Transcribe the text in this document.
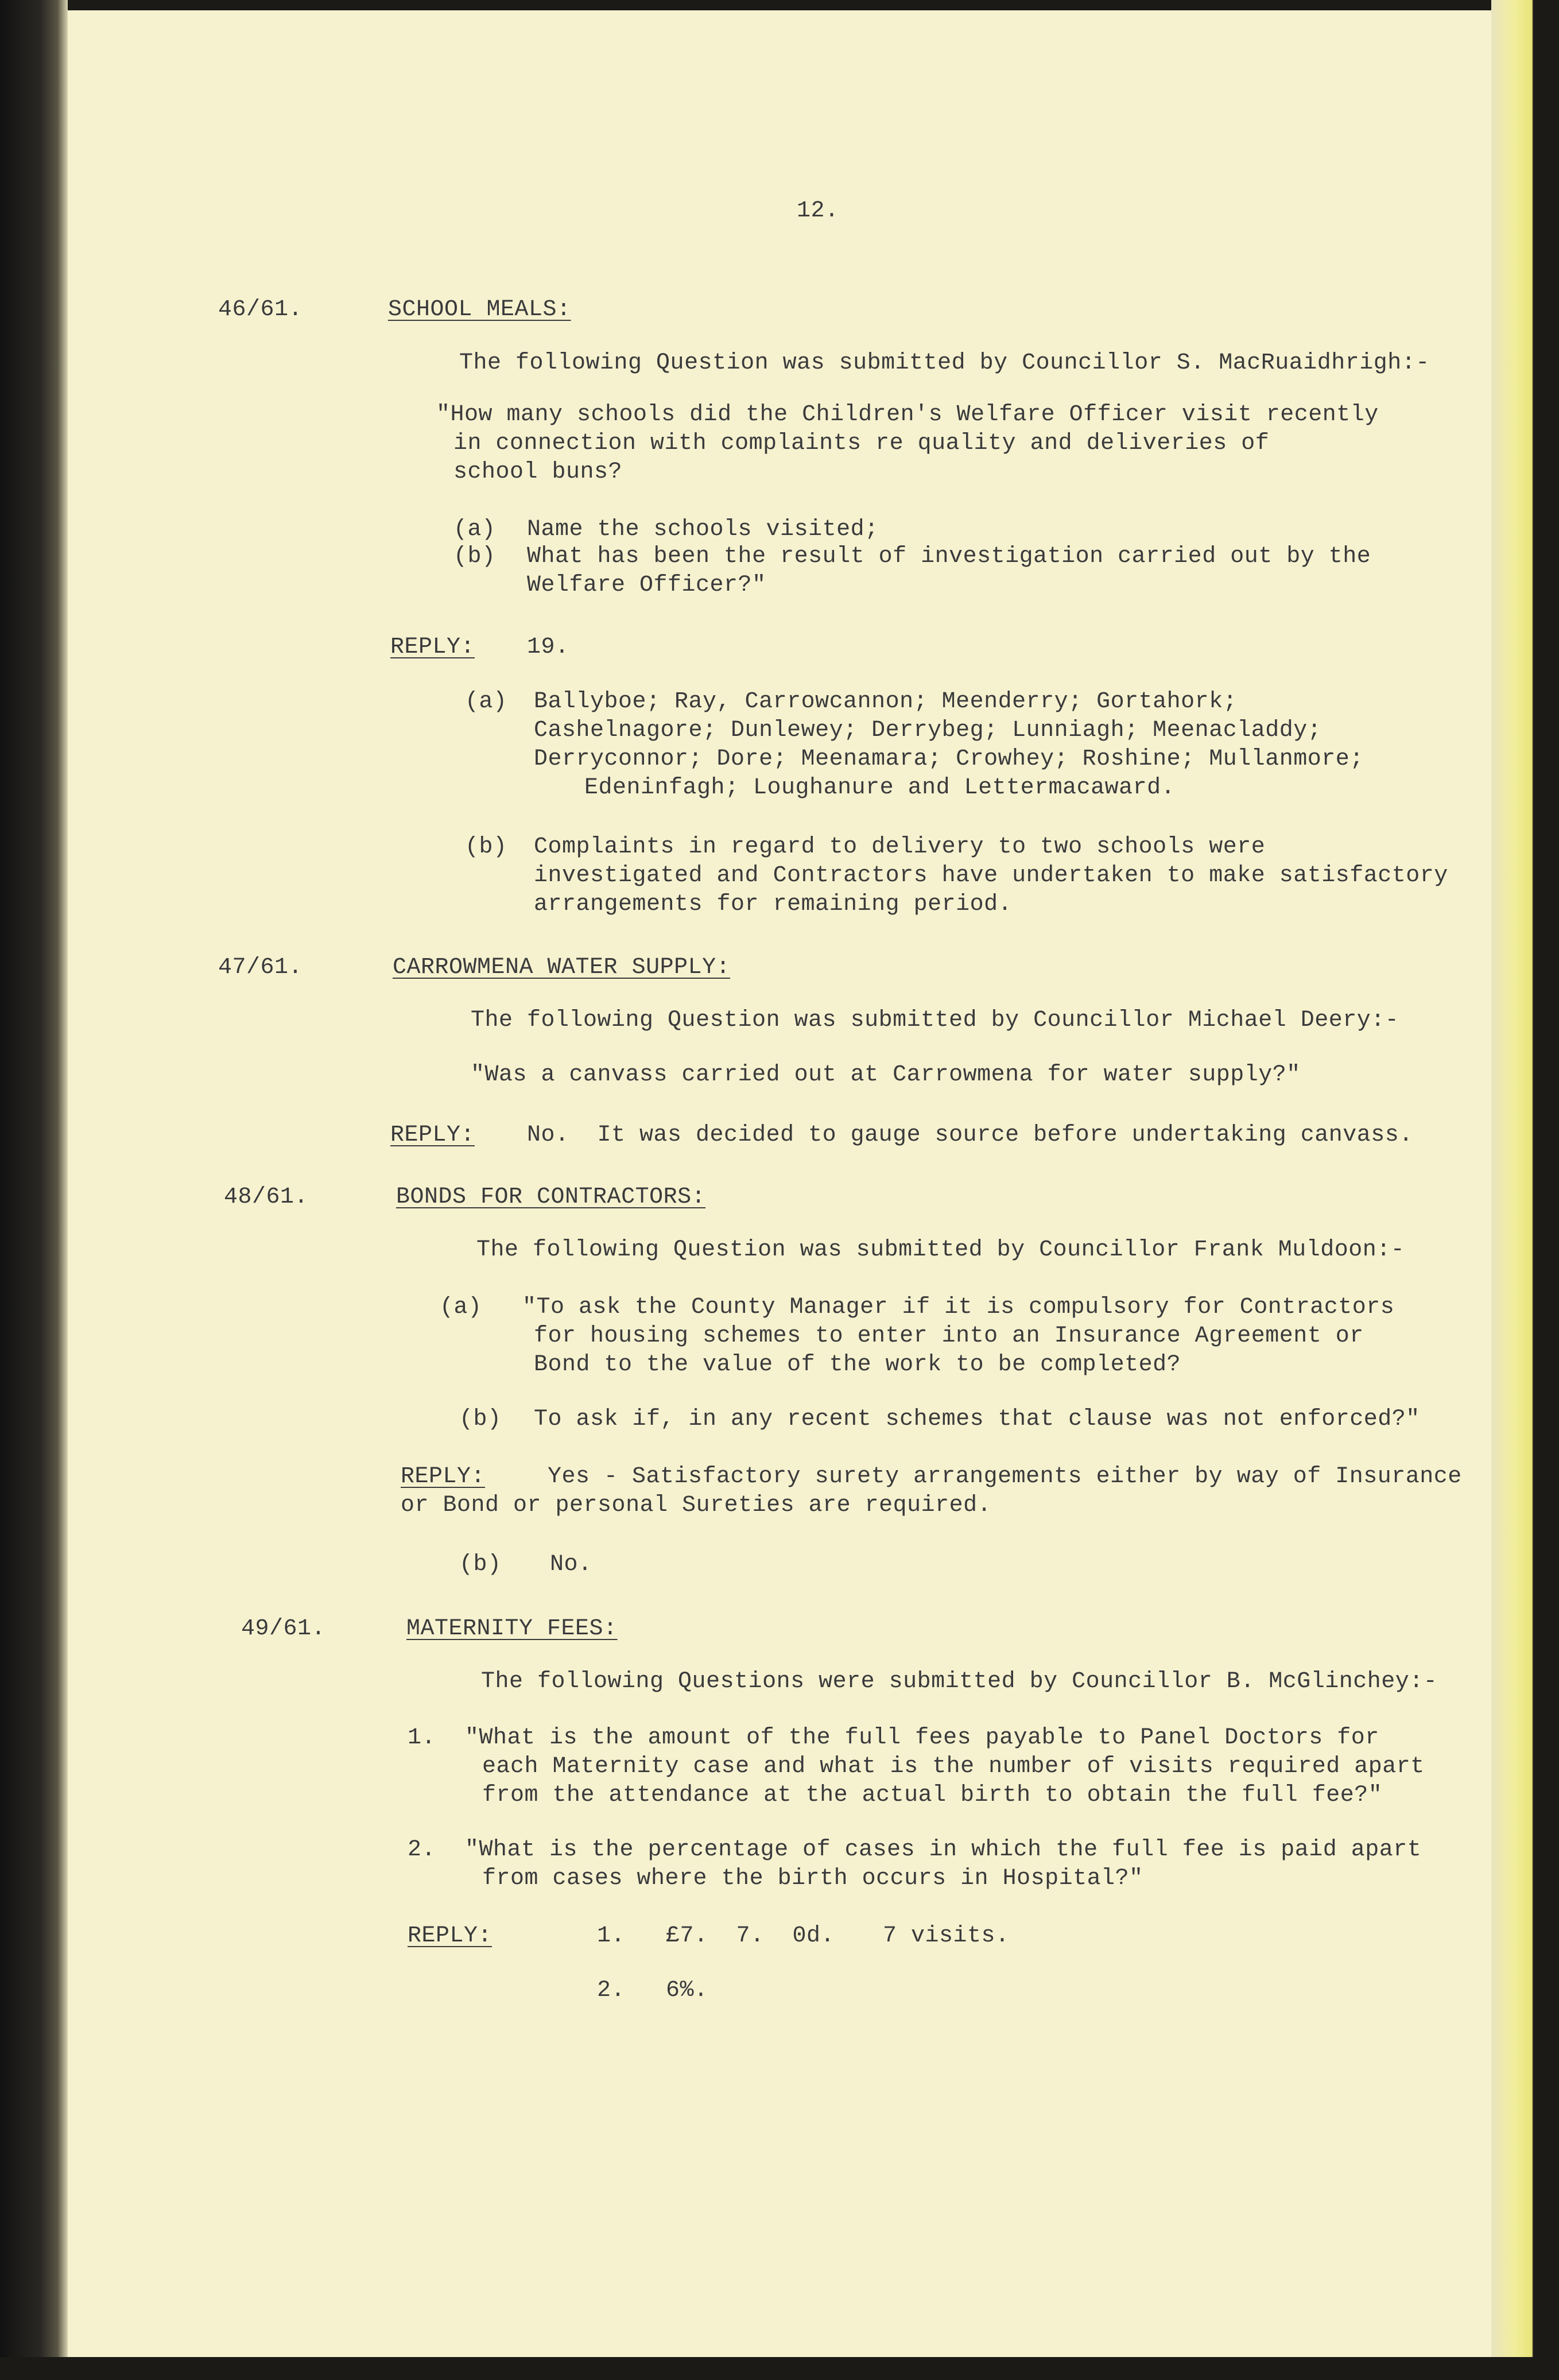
12.
46/61.	SCHOOL MEALS:
The following Question was submitted by Councillor S. MacRuaidhrigh:-
"How many schools did the Children's Welfare Officer visit recently
in connection with complaints re quality and deliveries of
school buns?
(a) Name the schools visited;
(b) What has been the result of investigation carried out by the
Welfare Officer?"
REPLY: 19.
(a) Ballyboe; Ray, Carrowcannon; Meenderry; Gortahork;
Cashelnagore; Dunlewey; Derrybeg; Lunniagh; Meenacladdy;
Derryconnor; Dore; Meenamara; Crowhey; Roshine; Mullanmore;
Edeninfagh; Loughanure and Lettermacaward.
(b) Complaints in regard to delivery to two schools were
investigated and Contractors have undertaken to make satisfactory
arrangements for remaining period.
47/61.	CARROWMENA WATER SUPPLY:
The following Question was submitted by Councillor Michael Deery:-
"Was a canvass carried out at Carrowmena for water supply?"
REPLY: No.  It was decided to gauge source before undertaking canvass.
48/61.	BONDS FOR CONTRACTORS:
The following Question was submitted by Councillor Frank Muldoon:-
(a) "To ask the County Manager if it is compulsory for Contractors
for housing schemes to enter into an Insurance Agreement or
Bond to the value of the work to be completed?
(b) To ask if, in any recent schemes that clause was not enforced?"
REPLY:	Yes - Satisfactory surety arrangements either by way of Insurance
or Bond or personal Sureties are required.
(b) No.
49/61.	MATERNITY FEES:
The following Questions were submitted by Councillor B. McGlinchey:-
1. "What is the amount of the full fees payable to Panel Doctors for
each Maternity case and what is the number of visits required apart
from the attendance at the actual birth to obtain the full fee?"
2. "What is the percentage of cases in which the full fee is paid apart
from cases where the birth occurs in Hospital?"
REPLY:	1. £7.  7.  0d. 7 visits.
2. 6%.
